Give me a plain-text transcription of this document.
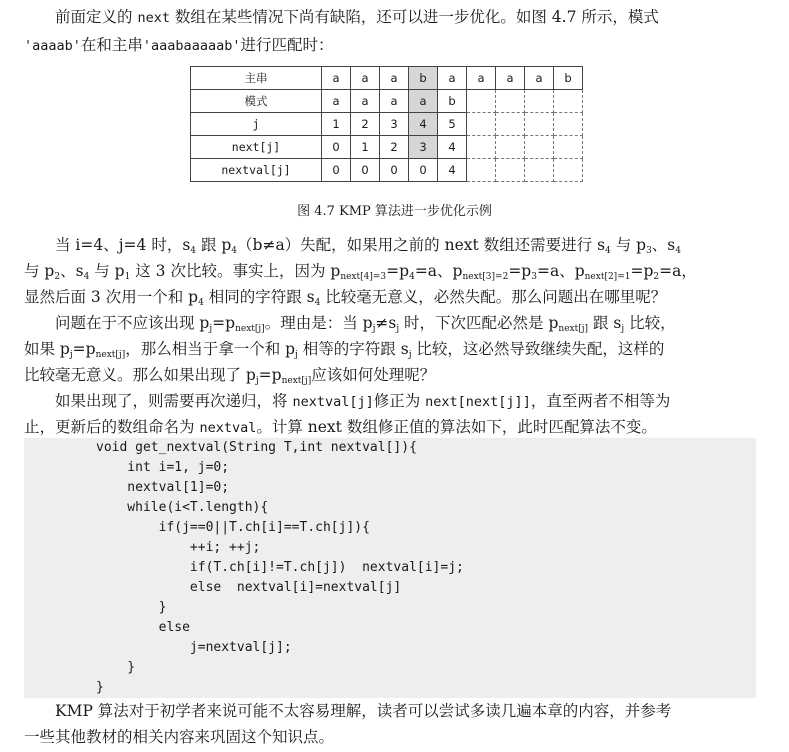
前面定义的 next 数组在某些情况下尚有缺陷，还可以进一步优化。如图 4.7 所示，模式
'aaaab'在和主串'aaabaaaaab'进行匹配时：
主串	a	a	a	b	a	a	a	a	b
模式	a	a	a	a	b				
j	1	2	3	4	5				
next[j]	0	1	2	3	4				
nextval[j]	0	0	0	0	4				
图 4.7 KMP 算法进一步优化示例
当 i=4、j=4 时，$s_4$ 跟 $p_4(b\ne a)$失配，如果用之前的 next 数组还需要进行 $s_4$ 与 $p_3$、$s_4$
与 $p_2$、$s_4$ 与 $p_1$ 这 3 次比较。事实上，因为 $p_{next[4]=3}=p_4=a$、$p_{next[3]=2}=p_3=a$、$p_{next[2]=1}=p_2=a$，
显然后面 3 次用一个和 $p_4$ 相同的字符跟 $s_4$ 比较毫无意义，必然失配。那么问题出在哪里呢？
问题在于不应该出现 $p_j=p_{next[j]}$。理由是：当 $p_j\ne s_j$ 时，下次匹配必然是 $p_{next[j]}$ 跟 $s_j$ 比较，
如果 $p_j=p_{next[j]}$，那么相当于拿一个和 $p_j$ 相等的字符跟 $s_j$ 比较，这必然导致继续失配，这样的
比较毫无意义。那么如果出现了 $p_j=p_{next[j]}$应该如何处理呢？
如果出现了，则需要再次递归，将 nextval[j]修正为 next[next[j]]，直至两者不相等为
止，更新后的数组命名为 nextval。计算 next 数组修正值的算法如下，此时匹配算法不变。
void get_nextval(String T,int nextval[]){
int i=1, j=0;
nextval[1]=0;
while(i<T.length){
if(j==0||T.ch[i]==T.ch[j]){
++i; ++j;
if(T.ch[i]!=T.ch[j])  nextval[i]=j;
else  nextval[i]=nextval[j]
}
else
j=nextval[j];
}
}
KMP 算法对于初学者来说可能不太容易理解，读者可以尝试多读几遍本章的内容，并参考
一些其他教材的相关内容来巩固这个知识点。
